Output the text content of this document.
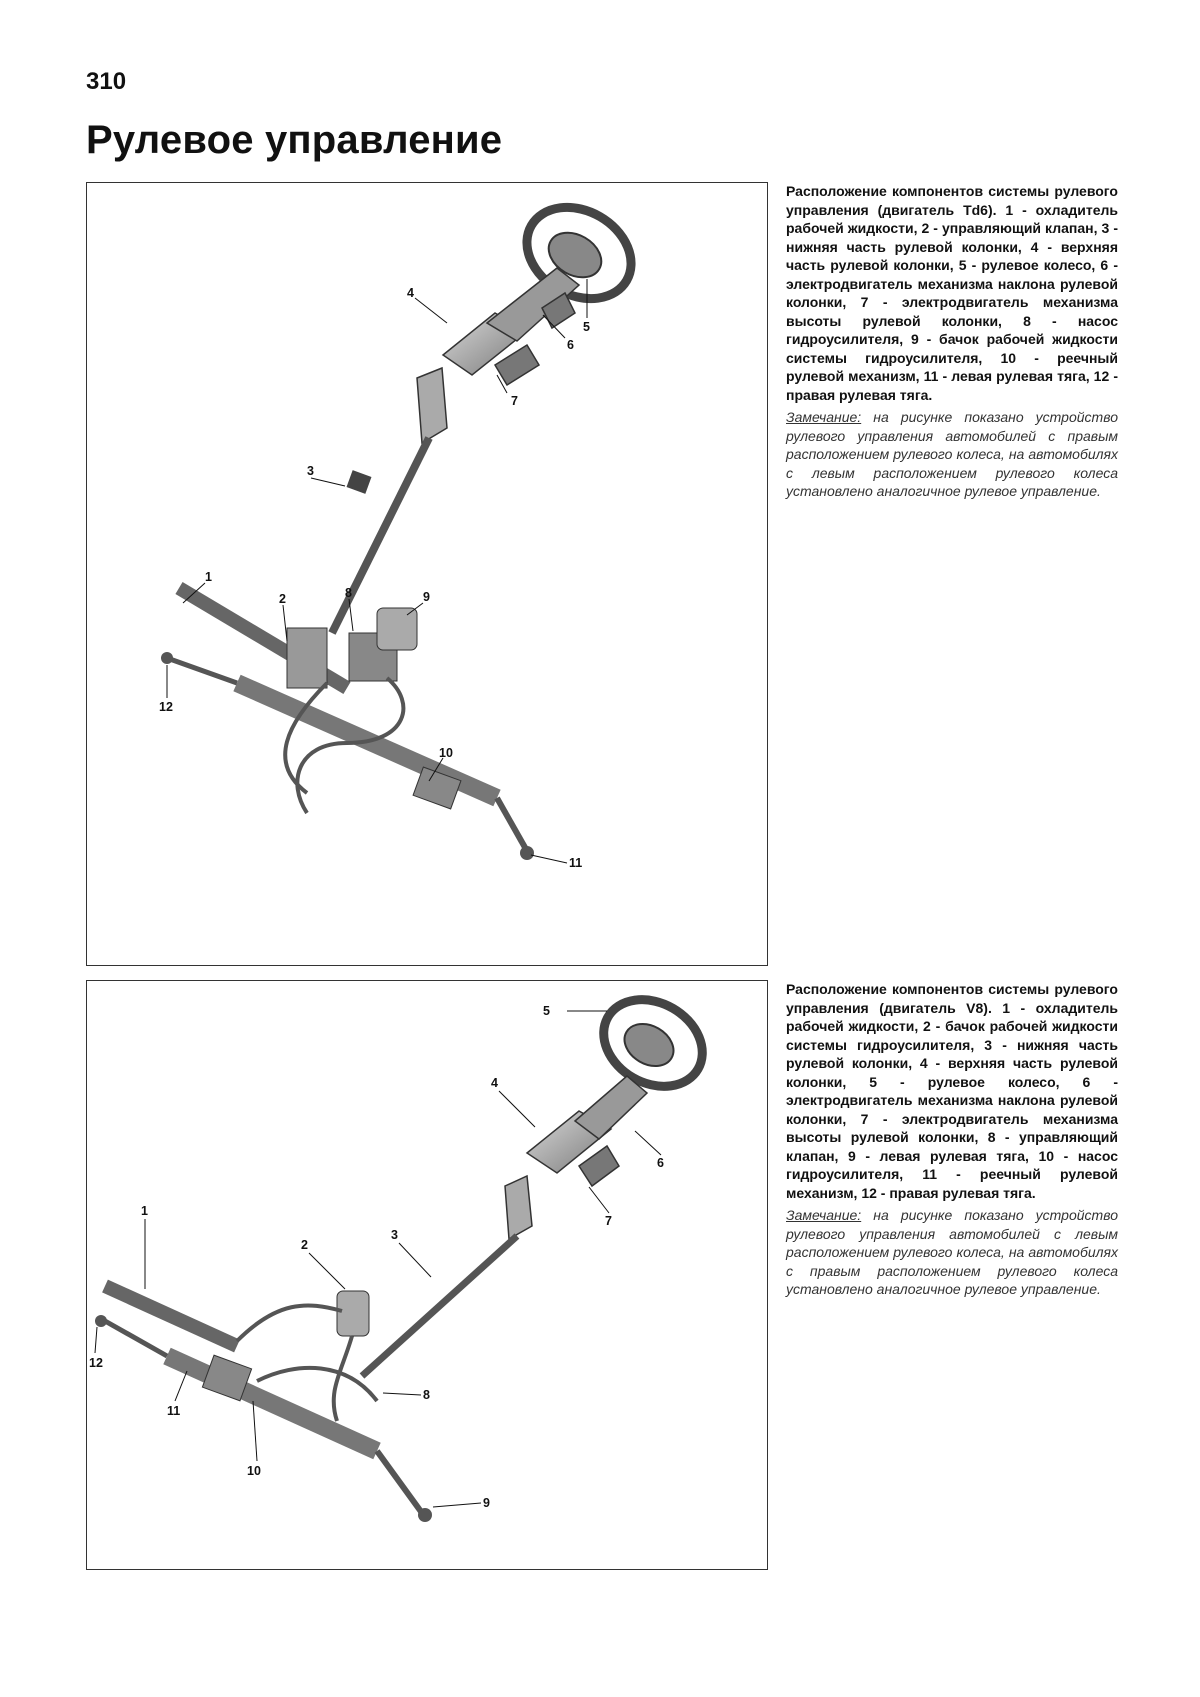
310
Рулевое управление
1
2
3
4
5
6
7
8	9
10
11
12
Расположение компонентов системы рулевого управления (двигатель Td6). 1 - охладитель рабочей жидкости, 2 - управляющий клапан, 3 - нижняя часть рулевой колонки, 4 - верхняя часть рулевой колонки, 5 - рулевое колесо, 6 - электродвигатель механизма наклона рулевой колонки, 7 - электродвигатель механизма высоты рулевой колонки, 8 - насос гидроусилителя, 9 - бачок рабочей жидкости системы гидроусилителя, 10 - реечный рулевой механизм, 11 - левая рулевая тяга, 12 - правая рулевая тяга.
Замечание: на рисунке показано устройство рулевого управления автомобилей с правым расположением рулевого колеса, на автомобилях с левым расположением рулевого колеса установлено аналогичное рулевое управление.
1
2
3
4
5
6
7
8
9
10
11
12
Расположение компонентов системы рулевого управления (двигатель V8). 1 - охладитель рабочей жидкости, 2 - бачок рабочей жидкости системы гидроусилителя, 3 - нижняя часть рулевой колонки, 4 - верхняя часть рулевой колонки, 5 - рулевое колесо, 6 - электродвигатель механизма наклона рулевой колонки, 7 - электродвигатель механизма высоты рулевой колонки, 8 - управляющий клапан, 9 - левая рулевая тяга, 10 - насос гидроусилителя, 11 - реечный рулевой механизм, 12 - правая рулевая тяга.
Замечание: на рисунке показано устройство рулевого управления автомобилей с левым расположением рулевого колеса, на автомобилях с правым расположением рулевого колеса установлено аналогичное рулевое управление.
